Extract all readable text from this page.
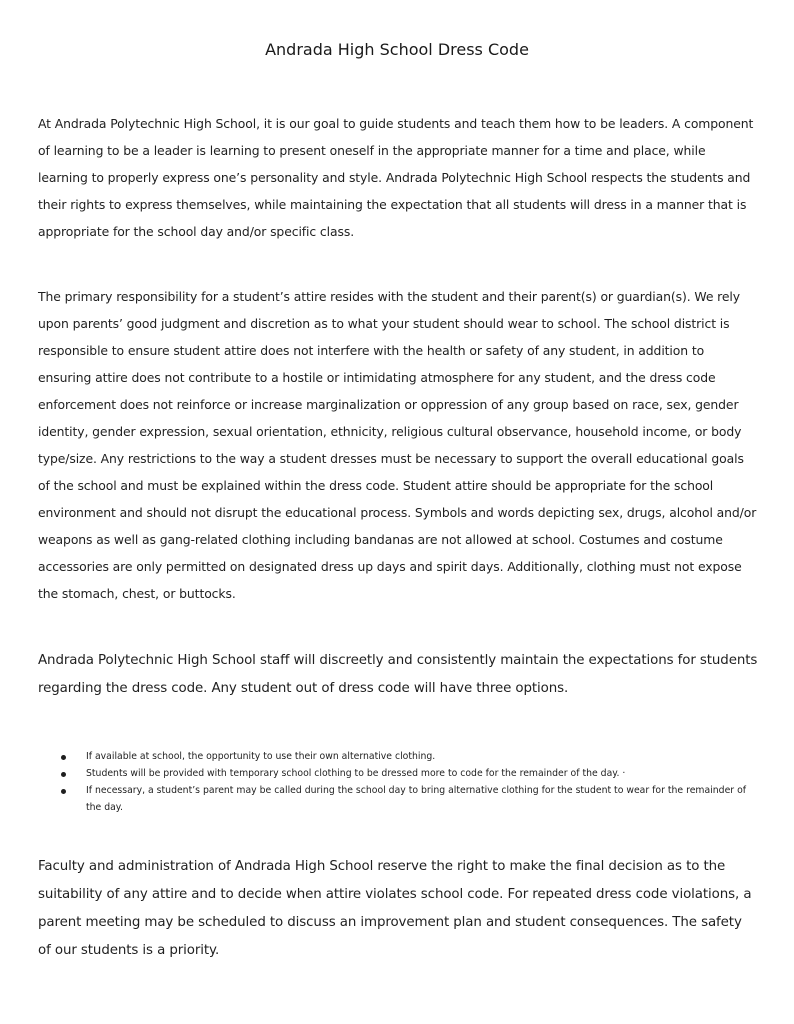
Andrada High School Dress Code

At Andrada Polytechnic High School, it is our goal to guide students and teach them how to be leaders. A component of learning to be a leader is learning to present oneself in the appropriate manner for a time and place, while learning to properly express one’s personality and style. Andrada Polytechnic High School respects the students and their rights to express themselves, while maintaining the expectation that all students will dress in a manner that is appropriate for the school day and/or specific class.

The primary responsibility for a student’s attire resides with the student and their parent(s) or guardian(s). We rely upon parents’ good judgment and discretion as to what your student should wear to school. The school district is responsible to ensure student attire does not interfere with the health or safety of any student, in addition to ensuring attire does not contribute to a hostile or intimidating atmosphere for any student, and the dress code enforcement does not reinforce or increase marginalization or oppression of any group based on race, sex, gender identity, gender expression, sexual orientation, ethnicity, religious cultural observance, household income, or body type/size. Any restrictions to the way a student dresses must be necessary to support the overall educational goals of the school and must be explained within the dress code. Student attire should be appropriate for the school environment and should not disrupt the educational process. Symbols and words depicting sex, drugs, alcohol and/or weapons as well as gang-related clothing including bandanas are not allowed at school. Costumes and costume accessories are only permitted on designated dress up days and spirit days. Additionally, clothing must not expose the stomach, chest, or buttocks.

Andrada Polytechnic High School staff will discreetly and consistently maintain the expectations for students regarding the dress code. Any student out of dress code will have three options.

If available at school, the opportunity to use their own alternative clothing.
Students will be provided with temporary school clothing to be dressed more to code for the remainder of the day. ·
If necessary, a student’s parent may be called during the school day to bring alternative clothing for the student to wear for the remainder of the day.

Faculty and administration of Andrada High School reserve the right to make the final decision as to the suitability of any attire and to decide when attire violates school code. For repeated dress code violations, a parent meeting may be scheduled to discuss an improvement plan and student consequences. The safety of our students is a priority.
